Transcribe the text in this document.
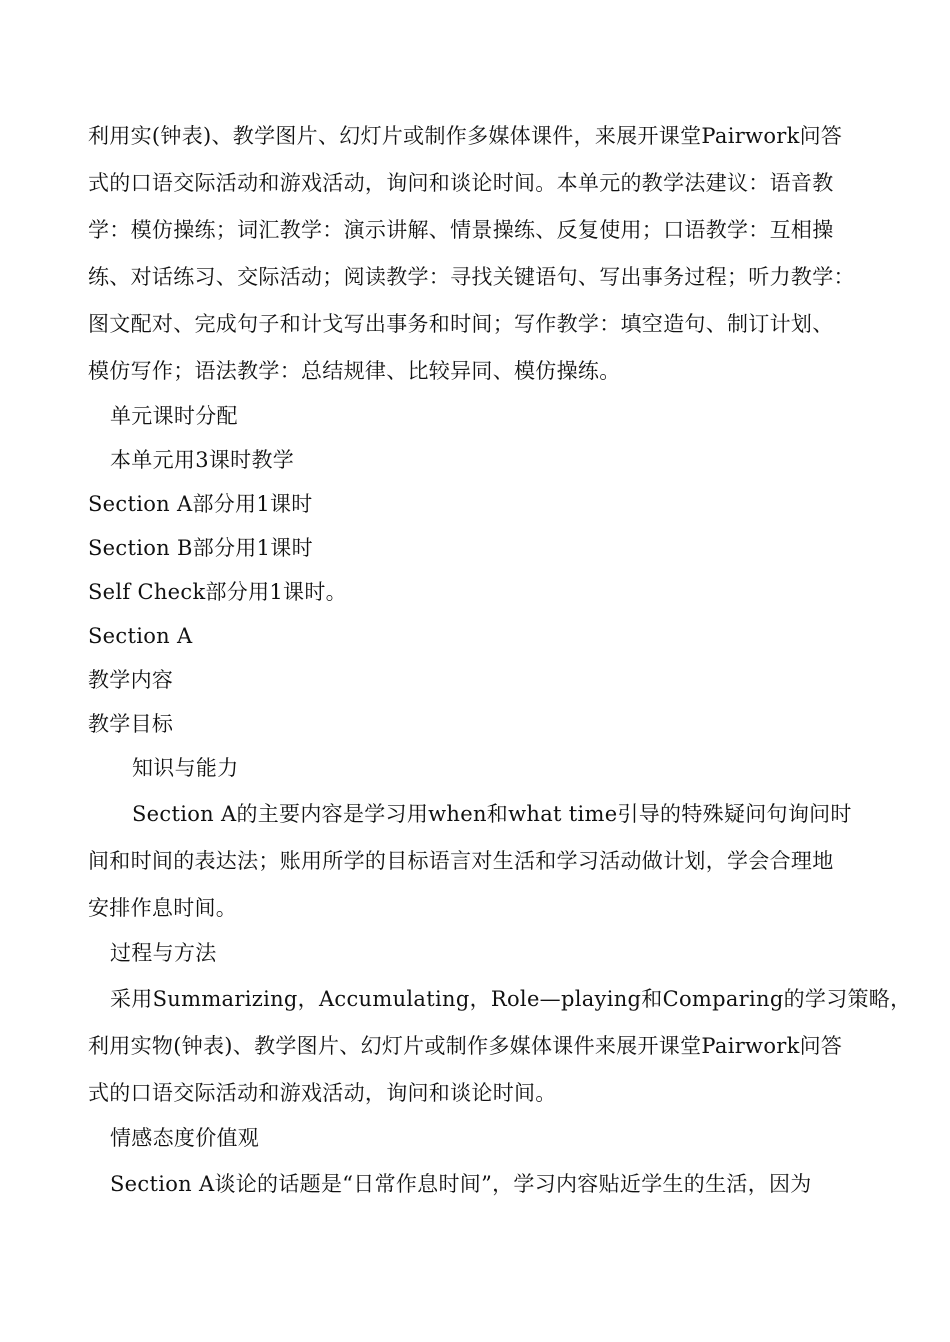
利用实(钟表)、教学图片、幻灯片或制作多媒体课件，来展开课堂Pairwork问答
式的口语交际活动和游戏活动，询问和谈论时间。本单元的教学法建议：语音教
学：模仿操练；词汇教学：演示讲解、情景操练、反复使用；口语教学：互相操
练、对话练习、交际活动；阅读教学：寻找关键语句、写出事务过程；听力教学：
图文配对、完成句子和计戈写出事务和时间；写作教学：填空造句、制订计划、
模仿写作；语法教学：总结规律、比较异同、模仿操练。
单元课时分配
本单元用3课时教学
Section A部分用1课时
Section B部分用1课时
Self Check部分用1课时。
Section A
教学内容
教学目标
知识与能力
Section A的主要内容是学习用when和what time引导的特殊疑问句询问时
间和时间的表达法；账用所学的目标语言对生活和学习活动做计划，学会合理地
安排作息时间。
过程与方法
采用Summarizing，Accumulating，Role—playing和Comparing的学习策略，
利用实物(钟表)、教学图片、幻灯片或制作多媒体课件来展开课堂Pairwork问答
式的口语交际活动和游戏活动，询问和谈论时间。
情感态度价值观
Section A谈论的话题是“日常作息时间”，学习内容贴近学生的生活，因为
